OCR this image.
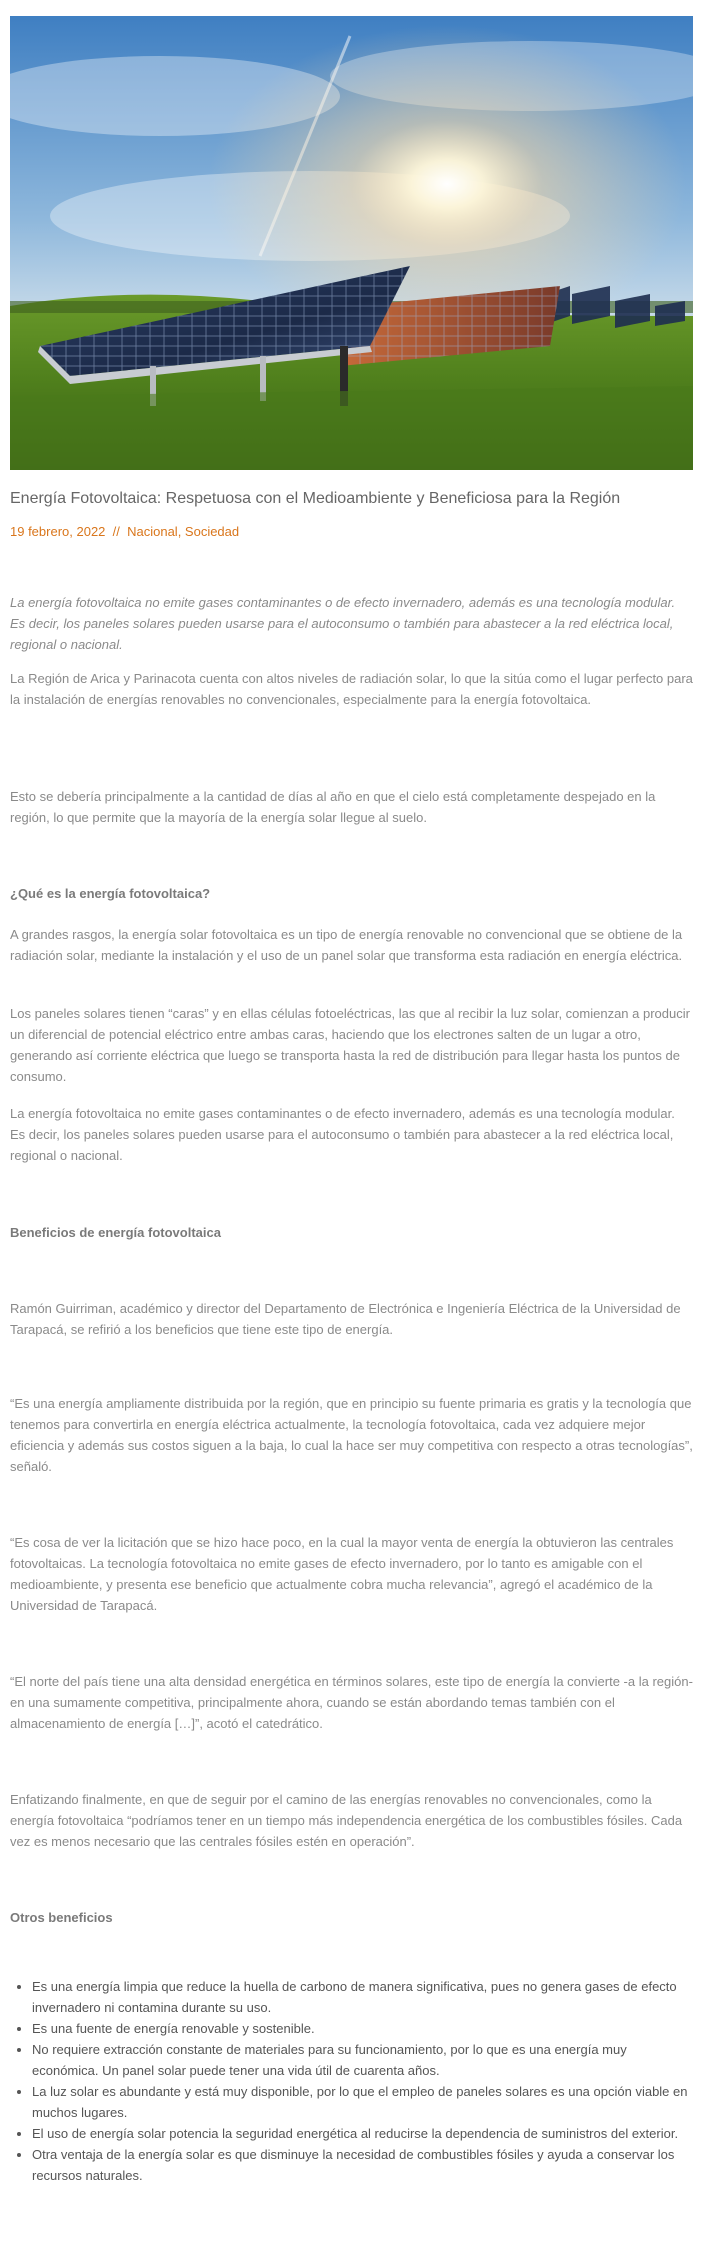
Energía Fotovoltaica: Respetuosa con el Medioambiente y Beneficiosa para la Región
19 febrero, 2022 // Nacional, Sociedad

La energía fotovoltaica no emite gases contaminantes o de efecto invernadero, además es una tecnología modular. Es decir, los paneles solares pueden usarse para el autoconsumo o también para abastecer a la red eléctrica local, regional o nacional.

La Región de Arica y Parinacota cuenta con altos niveles de radiación solar, lo que la sitúa como el lugar perfecto para la instalación de energías renovables no convencionales, especialmente para la energía fotovoltaica.

Esto se debería principalmente a la cantidad de días al año en que el cielo está completamente despejado en la región, lo que permite que la mayoría de la energía solar llegue al suelo.

¿Qué es la energía fotovoltaica?

A grandes rasgos, la energía solar fotovoltaica es un tipo de energía renovable no convencional que se obtiene de la radiación solar, mediante la instalación y el uso de un panel solar que transforma esta radiación en energía eléctrica.

Los paneles solares tienen “caras” y en ellas células fotoeléctricas, las que al recibir la luz solar, comienzan a producir un diferencial de potencial eléctrico entre ambas caras, haciendo que los electrones salten de un lugar a otro, generando así corriente eléctrica que luego se transporta hasta la red de distribución para llegar hasta los puntos de consumo.

La energía fotovoltaica no emite gases contaminantes o de efecto invernadero, además es una tecnología modular. Es decir, los paneles solares pueden usarse para el autoconsumo o también para abastecer a la red eléctrica local, regional o nacional.

Beneficios de energía fotovoltaica

Ramón Guirriman, académico y director del Departamento de Electrónica e Ingeniería Eléctrica de la Universidad de Tarapacá, se refirió a los beneficios que tiene este tipo de energía.

“Es una energía ampliamente distribuida por la región, que en principio su fuente primaria es gratis y la tecnología que tenemos para convertirla en energía eléctrica actualmente, la tecnología fotovoltaica, cada vez adquiere mejor eficiencia y además sus costos siguen a la baja, lo cual la hace ser muy competitiva con respecto a otras tecnologías”, señaló.

“Es cosa de ver la licitación que se hizo hace poco, en la cual la mayor venta de energía la obtuvieron las centrales fotovoltaicas. La tecnología fotovoltaica no emite gases de efecto invernadero, por lo tanto es amigable con el medioambiente, y presenta ese beneficio que actualmente cobra mucha relevancia”, agregó el académico de la Universidad de Tarapacá.

“El norte del país tiene una alta densidad energética en términos solares, este tipo de energía la convierte -a la región- en una sumamente competitiva, principalmente ahora, cuando se están abordando temas también con el almacenamiento de energía […]”, acotó el catedrático.

Enfatizando finalmente, en que de seguir por el camino de las energías renovables no convencionales, como la energía fotovoltaica “podríamos tener en un tiempo más independencia energética de los combustibles fósiles. Cada vez es menos necesario que las centrales fósiles estén en operación”.

Otros beneficios
• Es una energía limpia que reduce la huella de carbono de manera significativa, pues no genera gases de efecto invernadero ni contamina durante su uso.
• Es una fuente de energía renovable y sostenible.
• No requiere extracción constante de materiales para su funcionamiento, por lo que es una energía muy económica. Un panel solar puede tener una vida útil de cuarenta años.
• La luz solar es abundante y está muy disponible, por lo que el empleo de paneles solares es una opción viable en muchos lugares.
• El uso de energía solar potencia la seguridad energética al reducirse la dependencia de suministros del exterior.
• Otra ventaja de la energía solar es que disminuye la necesidad de combustibles fósiles y ayuda a conservar los recursos naturales.
